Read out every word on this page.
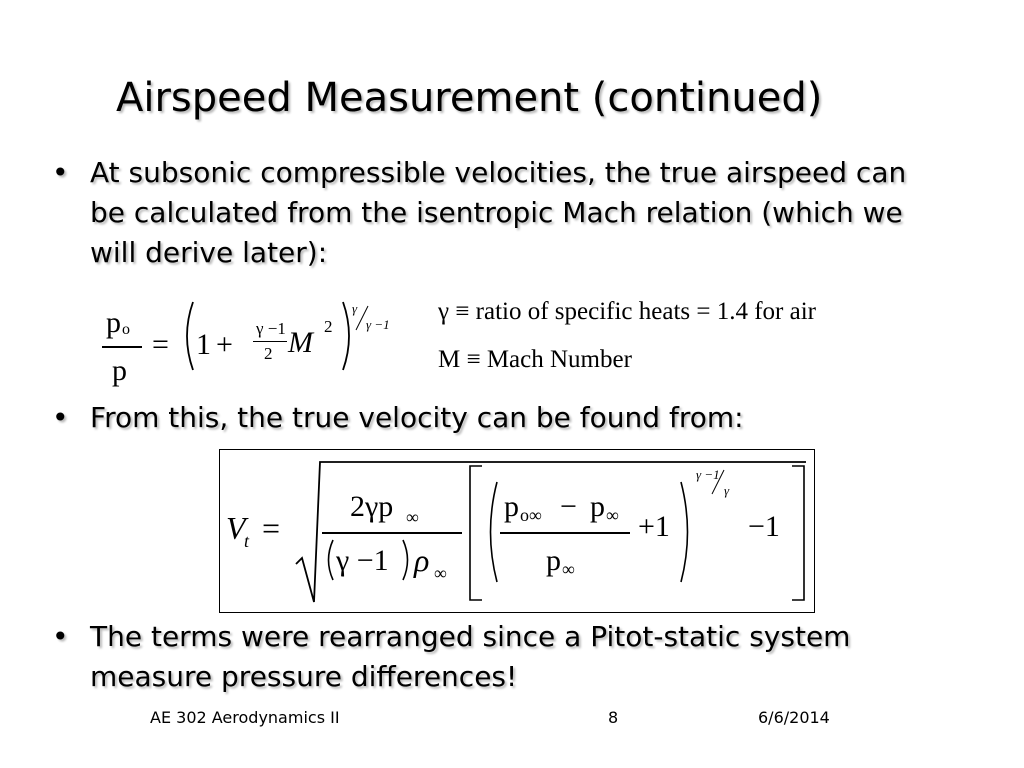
Airspeed Measurement (continued)
• At subsonic compressible velocities, the true airspeed can
be calculated from the isentropic Mach relation (which we
will derive later):
p o
p
= 1 + γ −1
2 M 2
γ
γ −1 γ ≡ ratio of specific heats = 1.4 for air
M ≡ Mach Number
• From this, the true velocity can be found from:
V
t =
2γp ∞
γ −1 ρ ∞
p o∞ − p ∞
p ∞
+1
γ −1
γ
−1
• The terms were rearranged since a Pitot-static system
measure pressure differences!
AE 302 Aerodynamics II	8	6/6/2014
